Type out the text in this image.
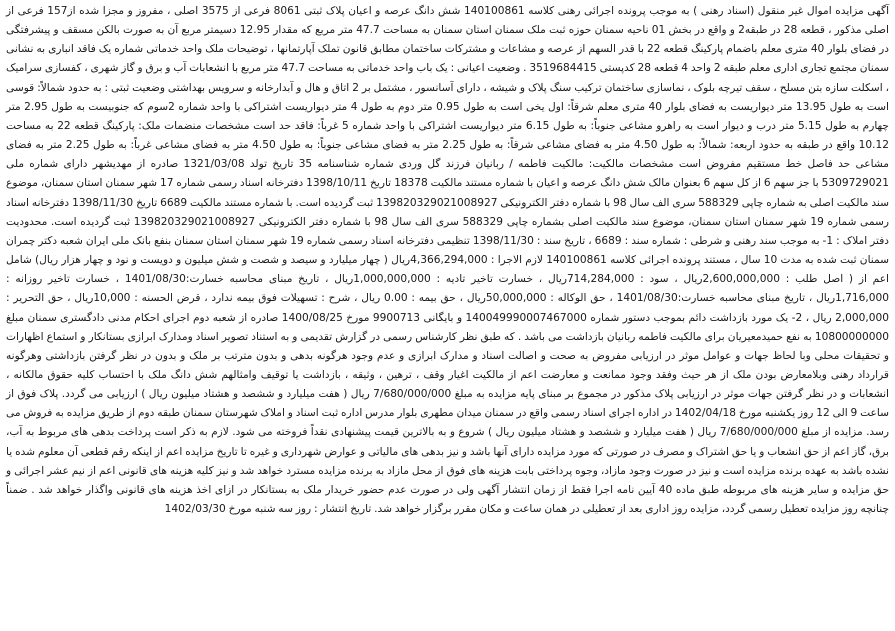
آگهی مزایده اموال غیر منقول (اسناد رهنی ) به موجب پرونده اجرائی رهنی کلاسه 140100861 شش دانگ عرصه و اعیان پلاک ثبتی 8061 فرعی از 3575 اصلی ، مفروز و مجزا شده از157 فرعی از اصلی مذکور ، قطعه 28 در طبقه2 و واقع در بخش 01 ناحیه سمنان حوزه ثبت ملک سمنان استان سمنان به مساحت 47.7 متر مربع که مقدار 12.95 دسیمتر مربع آن به صورت بالکن مسقف و پیشرفتگی در فضای بلوار 40 متری معلم باضمام پارکینگ قطعه 22 با قدر السهم از عرصه و مشاعات و مشترکات ساختمان مطابق قانون تملک آپارتمانها ، توضیحات ملک واحد خدماتی شماره یک فاقد انباری به نشانی سمنان مجتمع تجاری اداری معلم طبقه 2 واحد 4 قطعه 28 کدپستی 3519684415 . وضعیت اعیانی : یک باب واحد خدماتی به مساحت 47.7 متر مربع با انشعابات آب و برق و گاز شهری ، کفسازی سرامیک ، اسکلت سازه بتن مسلح ، سقف تیرچه بلوک ، نماسازی ساختمان ترکیب سنگ پلاک و شیشه ، دارای آسانسور ، مشتمل بر 2 اتاق و هال و آبدارخانه و سرویس بهداشتی وضعیت ثبتی : به حدود شمالاً: قوسی است به طول 13.95 متر دیواریست به فضای بلوار 40 متری معلم شرقاً: اول یخی است به طول 0.95 متر دوم به طول 4 متر دیواریست اشتراکی با واحد شماره 2سوم که جنوبیست به طول 2.95 متر چهارم به طول 5.15 متر درب و دیوار است به راهرو مشاعی جنوباً: به طول 6.15 متر دیواریست اشتراکی با واحد شماره 5 غرباً: فاقد حد است مشخصات منضمات ملک: پارکینگ قطعه 22 به مساحت 10.12 واقع در طبقه به حدود اربعه: شمالاً: به طول 4.50 متر به فضای مشاعی شرقاً: به طول 2.25 متر به فضای مشاعی جنوباً: به طول 4.50 متر به فضای مشاعی غرباً: به طول 2.25 متر به فضای مشاعی حد فاصل خط مستقیم مفروض است مشخصات مالکیت: مالکیت فاطمه / ربانیان فرزند گل وردی شماره شناسنامه 35 تاریخ تولد 1321/03/08 صادره از مهدیشهر دارای شماره ملی 5309729021 با جز سهم 6 از کل سهم 6 بعنوان مالک شش دانگ عرصه و اعیان با شماره مستند مالکیت 18378 تاریخ 1398/10/11 دفترخانه اسناد رسمی شماره 17 شهر سمنان استان سمنان، موضوع سند مالکیت اصلی به شماره چاپی 588329 سری الف سال 98 با شماره دفتر الکترونیکی 139820329021008927 ثبت گردیده است. با شماره مستند مالکیت 6689 تاریخ 1398/11/30 دفترخانه اسناد رسمی شماره 19 شهر سمنان استان سمنان، موضوع سند مالکیت اصلی بشماره چاپی 588329 سری الف سال 98 با شماره دفتر الکترونیکی 139820329021008927 ثبت گردیده است. محدودیت دفتر املاک : 1- به موجب سند رهنی و شرطی : شماره سند : 6689 ، تاریخ سند : 1398/11/30 تنظیمی دفترخانه اسناد رسمی شماره 19 شهر سمنان استان سمنان بنفع بانک ملی ایران شعبه دکتر چمران سمنان ثبت شده به مدت 10 سال ، مستند پرونده اجرائی کلاسه 140100861 لازم الاجرا : 4,366,294,000ریال ( چهار میلیارد و سیصد و شصت و شش میلیون و دویست و نود و چهار هزار ریال) شامل اعم از ( اصل طلب : 2,600,000,000ریال ، سود : 714,284,000ریال ، خسارت تاخیر تادیه : 1,000,000,000ریال ، تاریخ مبنای محاسبه خسارت:1401/08/30 ، خسارت تاخیر روزانه : 1,716,000ریال ، تاریخ مبنای محاسبه خسارت:1401/08/30 ، حق الوکاله : 50,000,000ریال ، حق بیمه : 0.00 ریال ، شرح : تسهیلات فوق بیمه ندارد ، قرض الحسنه : 10,000ریال ، حق التحریر : 2,000,000 ریال ، 2- یک مورد بازداشت دائم بموجب دستور شماره 140049990007467000 و بایگانی 9900713 مورخ 1400/08/25 صادره از شعبه دوم اجرای احکام مدنی دادگستری سمنان مبلغ 10800000000 به نفع حمیدمعیریان برای مالکیت فاطمه ربانیان بازداشت می باشد . که طبق نظر کارشناس رسمی در گزارش تقدیمی و به استناد تصویر اسناد ومدارک ابرازی بستانکار و استماع اظهارات و تحقیقات محلی وبا لحاظ جهات و عوامل موثر در ارزیابی مفروض به صحت و اصالت اسناد و مدارک ابرازی و عدم وجود هرگونه بدهی و بدون مترتب بر ملک و بدون در نظر گرفتن بازداشتی وهرگونه قرارداد رهنی وبلامعارض بودن ملک از هر حیث وفقد وجود ممانعت و معارضت اعم از مالکیت اغیار وقف ، ترهین ، وثیقه ، بازداشت یا توقیف وامثالهم شش دانگ ملک با احتساب کلیه حقوق مالکانه ، انشعابات و در نظر گرفتن جهات موثر در ارزیابی پلاک مذکور در مجموع بر مبنای پایه مزایده به مبلغ 7/680/000/000 ریال ( هفت میلیارد و ششصد و هشتاد میلیون ریال ) ارزیابی می گردد. پلاک فوق از ساعت 9 الی 12 روز یکشنبه مورخ 1402/04/18 در اداره اجرای اسناد رسمی واقع در سمنان میدان مطهری بلوار مدرس اداره ثبت اسناد و املاک شهرستان سمنان طبقه دوم از طریق مزایده به فروش می رسد. مزایده از مبلغ 7/680/000/000 ریال ( هفت میلیارد و ششصد و هشتاد میلیون ریال ) شروع و به بالاترین قیمت پیشنهادی نقداً فروخته می شود. لازم به ذکر است پرداخت بدهی های مربوط به آب، برق، گاز اعم از حق انشعاب و یا حق اشتراک و مصرف در صورتی که مورد مزایده دارای آنها باشد و نیز بدهی های مالیاتی و عوارض شهرداری و غیره تا تاریخ مزایده اعم از اینکه رقم قطعی آن معلوم شده یا نشده باشد به عهده برنده مزایده است و نیز در صورت وجود مازاد، وجوه پرداختی بابت هزینه های فوق از محل مازاد به برنده مزایده مسترد خواهد شد و نیز کلیه هزینه های قانونی اعم از نیم عشر اجرائی و حق مزایده و سایر هزینه های مربوطه طبق ماده 40 آیین نامه اجرا فقط از زمان انتشار آگهی ولی در صورت عدم حضور خریدار ملک به بستانکار در ازای اخذ هزینه های قانونی واگذار خواهد شد . ضمناً چنانچه روز مزایده تعطیل رسمی گردد، مزایده روز اداری بعد از تعطیلی در همان ساعت و مکان مقرر برگزار خواهد شد. تاریخ انتشار : روز سه شنبه مورخ 1402/03/30
